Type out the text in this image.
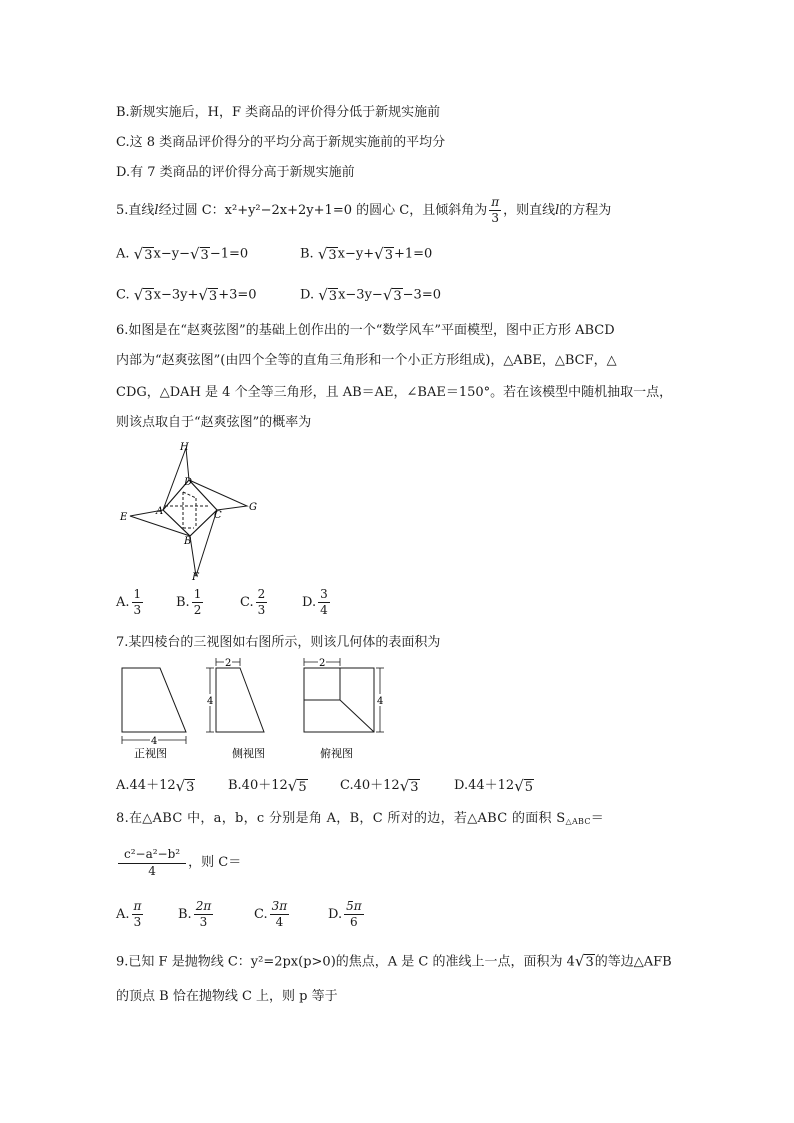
B.新规实施后，H，F 类商品的评价得分低于新规实施前
C.这 8 类商品评价得分的平均分高于新规实施前的平均分
D.有 7 类商品的评价得分高于新规实施前
5.直线l经过圆 C：x²+y²−2x+2y+1=0 的圆心 C，且倾斜角为 $\frac{\pi}{3}$ ，则直线l的方程为
A. √3x−y−√3−1=0	B. √3x−y+√3+1=0
C. √3x−3y+√3+3=0	D. √3x−3y−√3−3=0
6.如图是在“赵爽弦图”的基础上创作出的一个“数学风车”平面模型，图中正方形 ABCD
内部为“赵爽弦图”(由四个全等的直角三角形和一个小正方形组成)，△ABE，△BCF，△
CDG，△DAH 是 4 个全等三角形，且 AB＝AE，∠BAE＝150°。若在该模型中随机抽取一点，
则该点取自于“赵爽弦图”的概率为
H
D
G
E
A	C
B
F
A. $\frac{1}{3}$	B. $\frac{1}{2}$	C. $\frac{2}{3}$	D. $\frac{3}{4}$
7.某四棱台的三视图如右图所示，则该几何体的表面积为
4
2
4
2
4
正视图	侧视图	俯视图
A.44＋12√3	B.40＋12√5	C.40＋12√3	D.44＋12√5
8.在△ABC 中，a，b，c 分别是角 A，B，C 所对的边，若△ABC 的面积 $S_{\triangle ABC}=$
$\frac{\text{c²−a²−b²}}{4}$ ，则 C＝
A. $\frac{\pi}{3}$	B. $\frac{2\pi}{3}$	C. $\frac{3\pi}{4}$	D. $\frac{5\pi}{6}$
9.已知 F 是抛物线 C：y²=2px(p>0)的焦点，A 是 C 的准线上一点，面积为 4√3的等边△AFB
的顶点 B 恰在抛物线 C 上，则 p 等于
